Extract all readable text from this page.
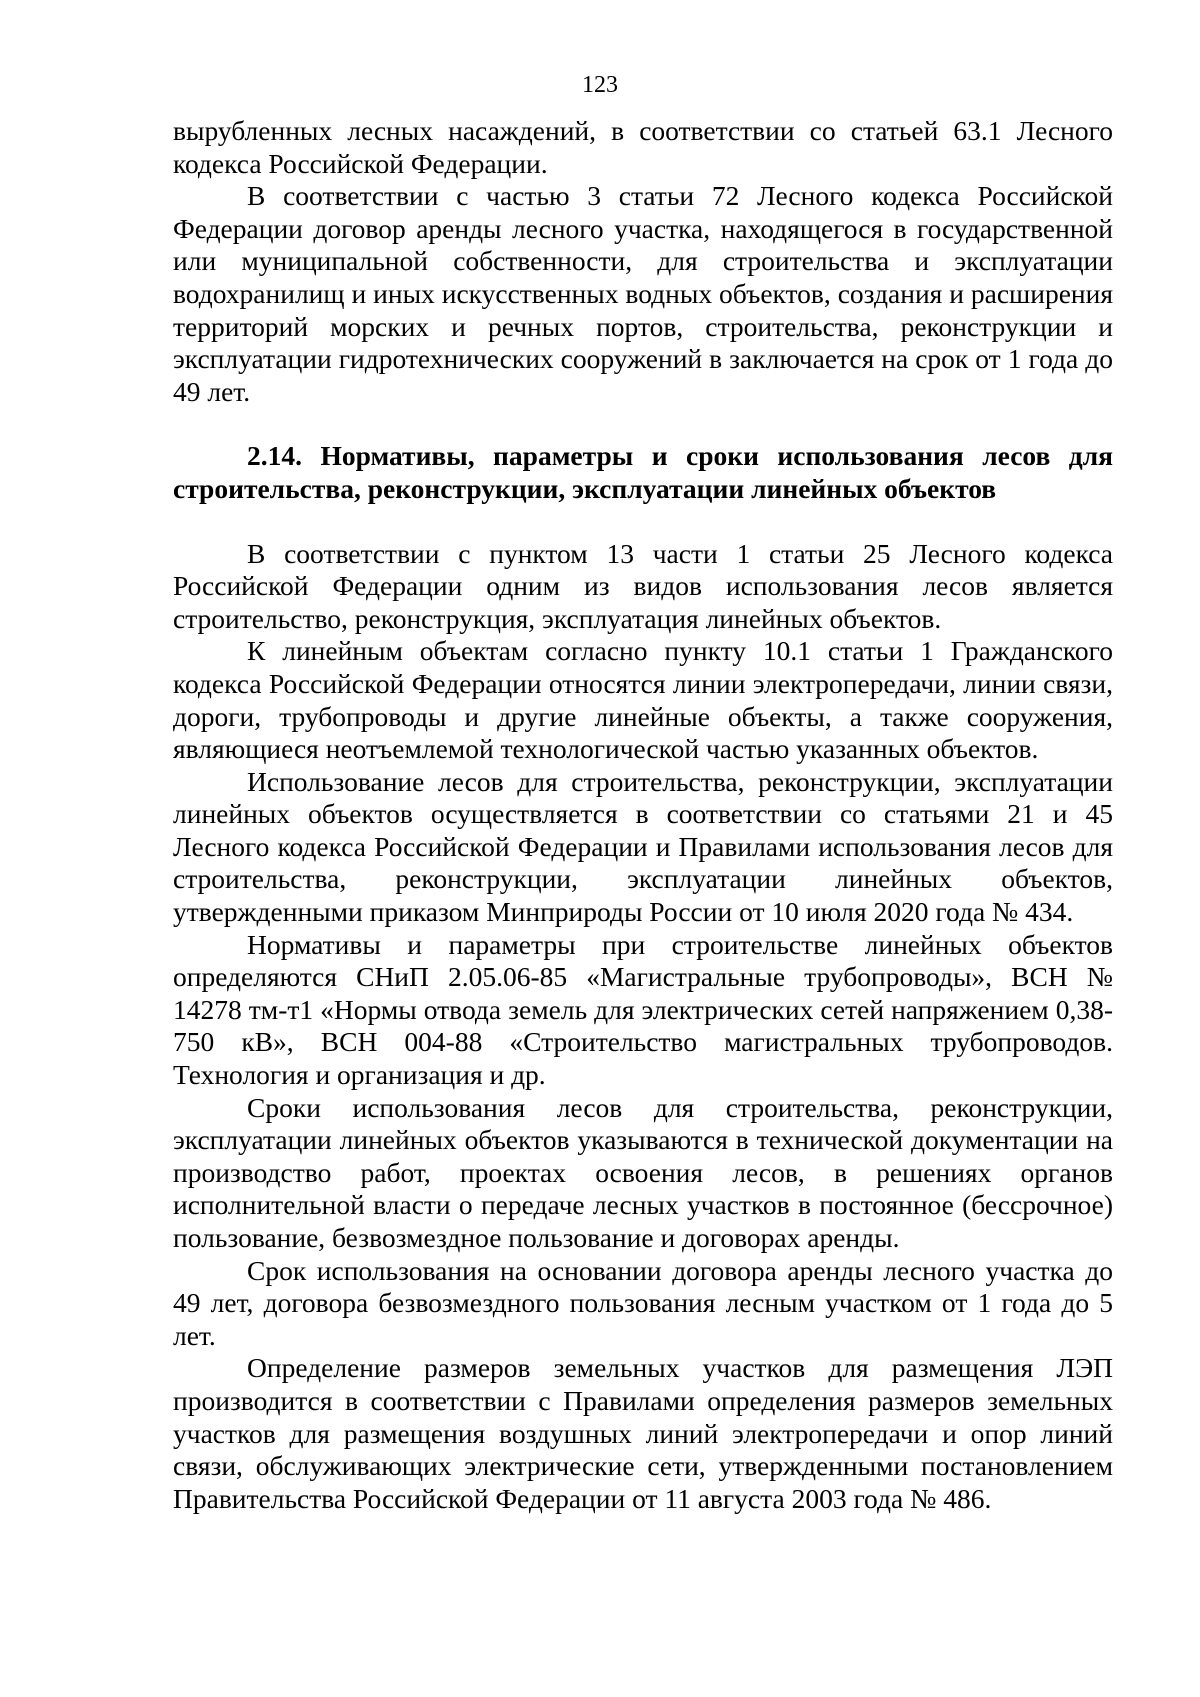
123

вырубленных лесных насаждений, в соответствии со статьей 63.1 Лесного кодекса Российской Федерации.

В соответствии с частью 3 статьи 72 Лесного кодекса Российской Федерации договор аренды лесного участка, находящегося в государственной или муниципальной собственности, для строительства и эксплуатации водохранилищ и иных искусственных водных объектов, создания и расширения территорий морских и речных портов, строительства, реконструкции и эксплуатации гидротехнических сооружений в заключается на срок от 1 года до 49 лет.

2.14. Нормативы, параметры и сроки использования лесов для строительства, реконструкции, эксплуатации линейных объектов

В соответствии с пунктом 13 части 1 статьи 25 Лесного кодекса Российской Федерации одним из видов использования лесов является строительство, реконструкция, эксплуатация линейных объектов.

К линейным объектам согласно пункту 10.1 статьи 1 Гражданского кодекса Российской Федерации относятся линии электропередачи, линии связи, дороги, трубопроводы и другие линейные объекты, а также сооружения, являющиеся неотъемлемой технологической частью указанных объектов.

Использование лесов для строительства, реконструкции, эксплуатации линейных объектов осуществляется в соответствии со статьями 21 и 45 Лесного кодекса Российской Федерации и Правилами использования лесов для строительства, реконструкции, эксплуатации линейных объектов, утвержденными приказом Минприроды России от 10 июля 2020 года № 434.

Нормативы и параметры при строительстве линейных объектов определяются СНиП 2.05.06-85 «Магистральные трубопроводы», ВСН № 14278 тм-т1 «Нормы отвода земель для электрических сетей напряжением 0,38-750 кВ», ВСН 004-88 «Строительство магистральных трубопроводов. Технология и организация и др.

Сроки использования лесов для строительства, реконструкции, эксплуатации линейных объектов указываются в технической документации на производство работ, проектах освоения лесов, в решениях органов исполнительной власти о передаче лесных участков в постоянное (бессрочное) пользование, безвозмездное пользование и договорах аренды.

Срок использования на основании договора аренды лесного участка до 49 лет, договора безвозмездного пользования лесным участком от 1 года до 5 лет.

Определение размеров земельных участков для размещения ЛЭП производится в соответствии с Правилами определения размеров земельных участков для размещения воздушных линий электропередачи и опор линий связи, обслуживающих электрические сети, утвержденными постановлением Правительства Российской Федерации от 11 августа 2003 года № 486.
